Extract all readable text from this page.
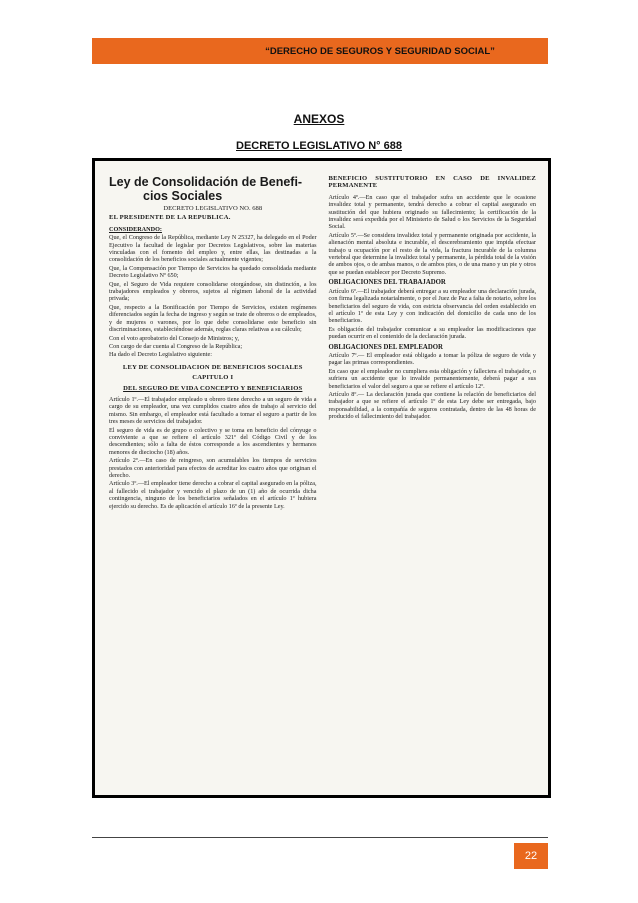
“DERECHO DE SEGUROS Y SEGURIDAD SOCIAL”
ANEXOS
DECRETO LEGISLATIVO N° 688
Ley de Consolidación de Benefi-
cios Sociales

DECRETO LEGISLATIVO NO. 688

EL PRESIDENTE DE LA REPUBLICA.

CONSIDERANDO:

Que, el Congreso de la República, mediante Ley N 25327, ha delegado en el Poder Ejecutivo la facultad de legislar por Decretos Legislativos, sobre las materias vinculadas con el fomento del empleo y, entre ellas, las destinadas a la consolidación de los beneficios sociales actualmente vigentes;

Que, la Compensación por Tiempo de Servicios ha quedado consolidada mediante Decreto Legislativo Nº 650;

Que, el Seguro de Vida requiere consolidarse otorgándose, sin distinción, a los trabajadores empleados y obreros, sujetos al régimen laboral de la actividad privada;

Que, respecto a la Bonificación por Tiempo de Servicios, existen regímenes diferenciados según la fecha de ingreso y según se trate de obreros o de empleados, y de mujeres o varones, por lo que debe consolidarse este beneficio sin discriminaciones, estableciéndose además, reglas claras relativas a su cálculo;

Con el voto aprobatorio del Consejo de Ministros; y,

Con cargo de dar cuenta al Congreso de la República;

Ha dado el Decreto Legislativo siguiente:

LEY DE CONSOLIDACION DE BENEFICIOS SOCIALES

CAPITULO I

DEL SEGURO DE VIDA CONCEPTO Y BENEFICIARIOS

Artículo 1º.—El trabajador empleado u obrero tiene derecho a un seguro de vida a cargo de su empleador, una vez cumplidos cuatro años de trabajo al servicio del mismo. Sin embargo, el empleador está facultado a tomar el seguro a partir de los tres meses de servicios del trabajador.

El seguro de vida es de grupo o colectivo y se toma en beneficio del cónyuge o conviviente a que se refiere el artículo 321º del Código Civil y de los descendientes; sólo a falta de éstos corresponde a los ascendientes y hermanos menores de dieciocho (18) años.

Artículo 2º.—En caso de reingreso, son acumulables los tiempos de servicios prestados con anterioridad para efectos de acreditar los cuatro años que originan el derecho.

Artículo 3º.—El empleador tiene derecho a cobrar el capital asegurado en la póliza, al fallecido el trabajador y vencido el plazo de un (1) año de ocurrida dicha contingencia, ninguno de los beneficiarios señalados en el artículo 1º hubiera ejercido su derecho. Es de aplicación el artículo 16º de la presente Ley.

BENEFICIO SUSTITUTORIO EN CASO DE INVALIDEZ PERMANENTE

Artículo 4º.—En caso que el trabajador sufra un accidente que le ocasione invalidez total y permanente, tendrá derecho a cobrar el capital asegurado en sustitución del que hubiera originado su fallecimiento; la certificación de la invalidez será expedida por el Ministerio de Salud o los Servicios de la Seguridad Social.

Artículo 5º.—Se considera invalidez total y permanente originada por accidente, la alienación mental absoluta e incurable, el descerebramiento que impida efectuar trabajo u ocupación por el resto de la vida, la fractura incurable de la columna vertebral que determine la invalidez total y permanente, la pérdida total de la visión de ambos ojos, o de ambas manos, o de ambos pies, o de una mano y un pie y otros que se puedan establecer por Decreto Supremo.

OBLIGACIONES DEL TRABAJADOR

Artículo 6º.—El trabajador deberá entregar a su empleador una declaración jurada, con firma legalizada notarialmente, o por el Juez de Paz a falta de notario, sobre los beneficiarios del seguro de vida, con estricta observancia del orden establecido en el artículo 1º de esta Ley y con indicación del domicilio de cada uno de los beneficiarios.

Es obligación del trabajador comunicar a su empleador las modificaciones que puedan ocurrir en el contenido de la declaración jurada.

OBLIGACIONES DEL EMPLEADOR

Artículo 7º.— El empleador está obligado a tomar la póliza de seguro de vida y pagar las primas correspondientes.

En caso que el empleador no cumpliera esta obligación y falleciera el trabajador, o sufriera un accidente que lo invalide permanentemente, deberá pagar a sus beneficiarios el valor del seguro a que se refiere el artículo 12º.

Artículo 8º.— La declaración jurada que contiene la relación de beneficiarios del trabajador a que se refiere el artículo 1º de esta Ley debe ser entregada, bajo responsabilidad, a la compañía de seguros contratada, dentro de las 48 horas de producido el fallecimiento del trabajador.

22
